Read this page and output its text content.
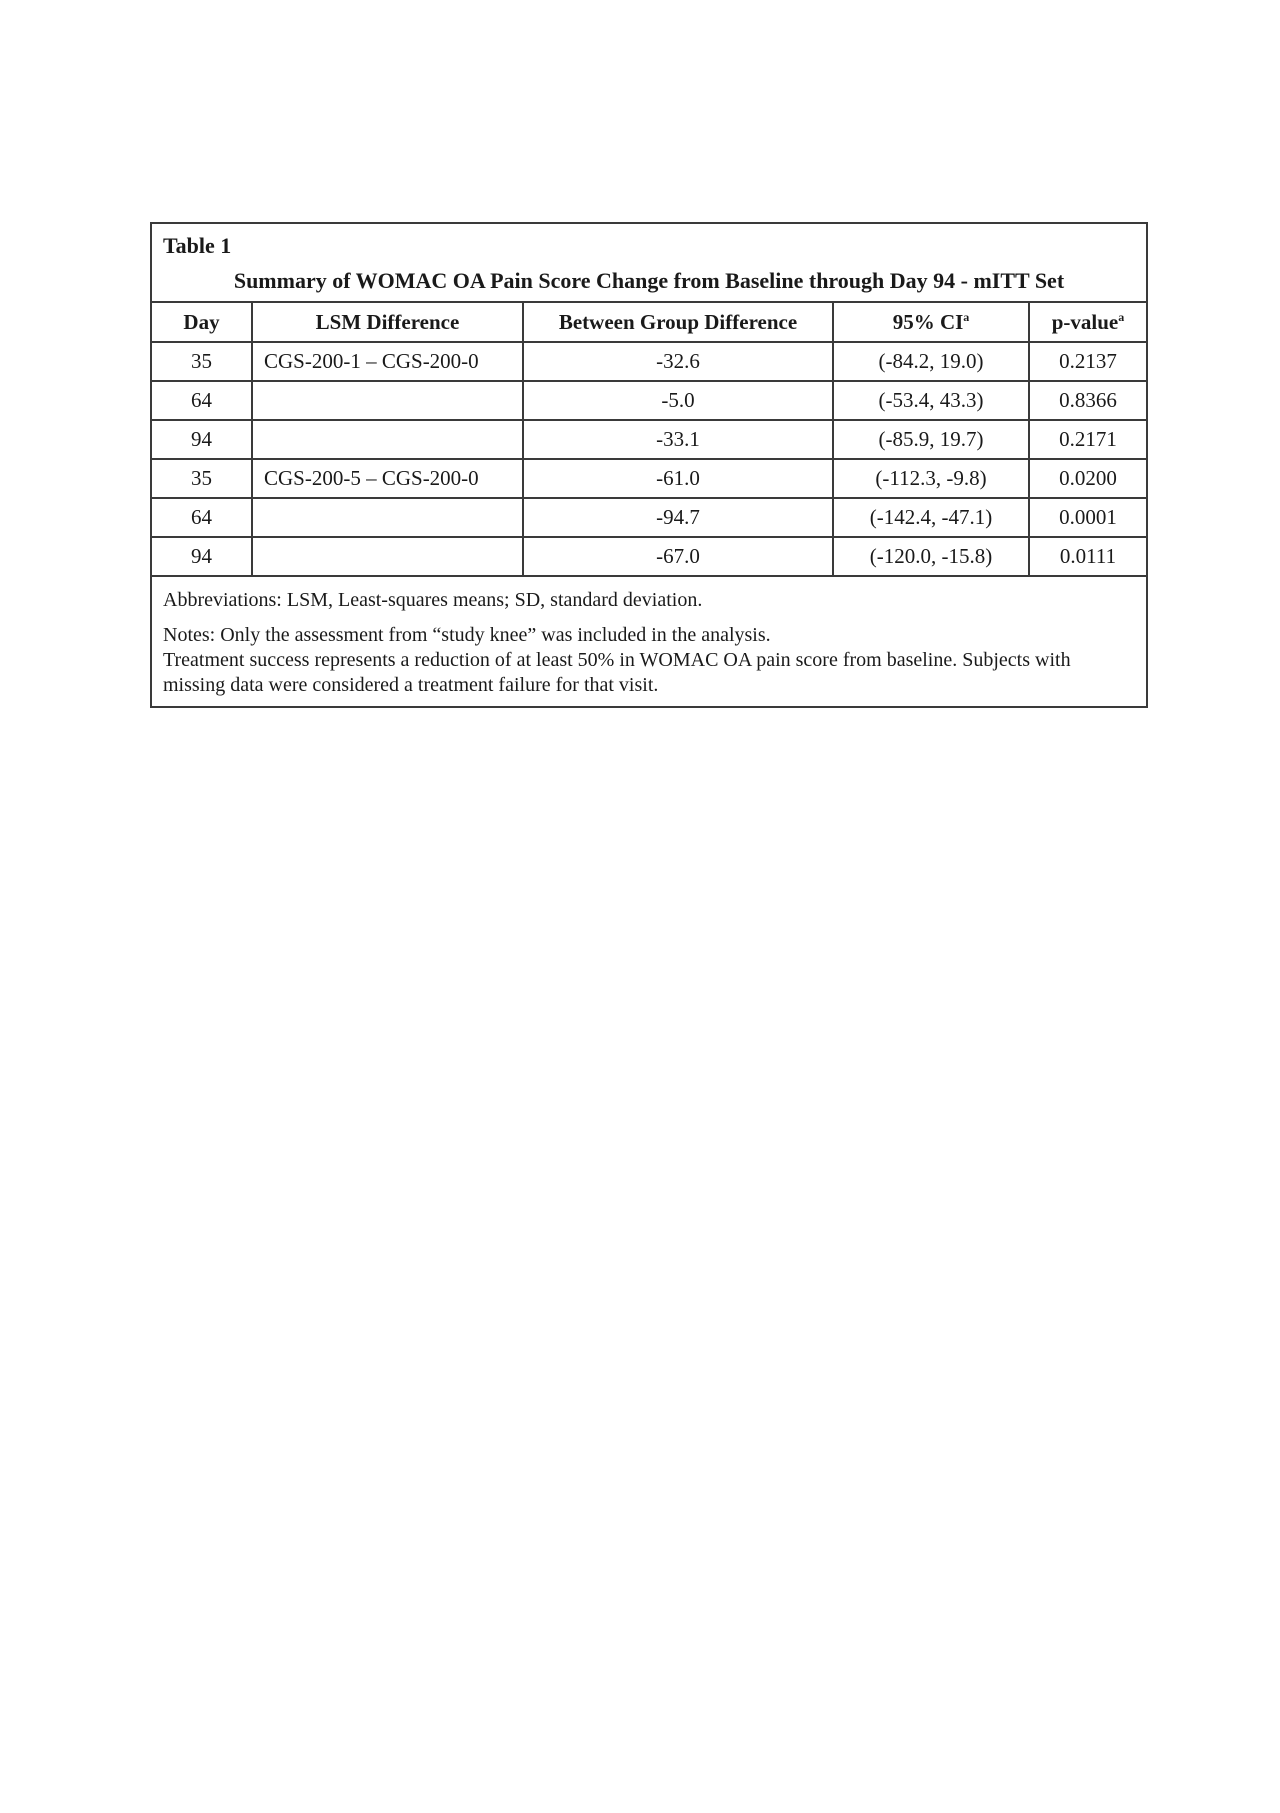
Table 1
Summary of WOMAC OA Pain Score Change from Baseline through Day 94 - mITT Set
Day	LSM Difference	Between Group Difference	95% $CI^a$	p-value$^a$
35	CGS-200-1 – CGS-200-0	-32.6	(-84.2, 19.0)	0.2137
64		-5.0	(-53.4, 43.3)	0.8366
94		-33.1	(-85.9, 19.7)	0.2171
35	CGS-200-5 – CGS-200-0	-61.0	(-112.3, -9.8)	0.0200
64		-94.7	(-142.4, -47.1)	0.0001
94		-67.0	(-120.0, -15.8)	0.0111
Abbreviations: LSM, Least-squares means; SD, standard deviation.
Notes: Only the assessment from “study knee” was included in the analysis.
Treatment success represents a reduction of at least 50% in WOMAC OA pain score from baseline. Subjects with missing data were considered a treatment failure for that visit.
